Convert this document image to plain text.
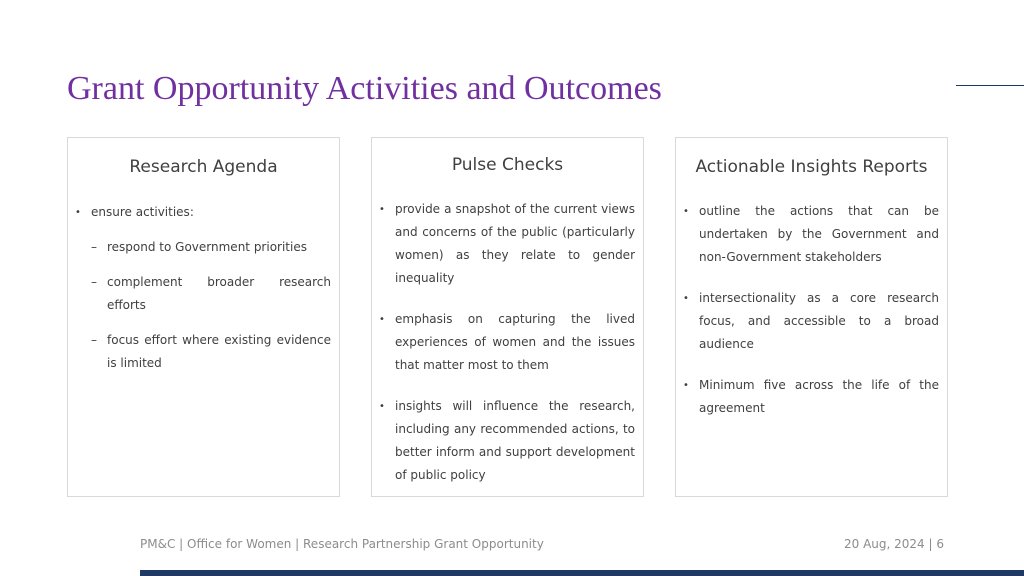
Grant Opportunity Activities and Outcomes
Research Agenda
• ensure activities:
– respond to Government priorities
– complement broader research efforts
– focus effort where existing evidence is limited
Pulse Checks
• provide a snapshot of the current views and concerns of the public (particularly women) as they relate to gender inequality
• emphasis on capturing the lived experiences of women and the issues that matter most to them
• insights will influence the research, including any recommended actions, to better inform and support development of public policy
Actionable Insights Reports
• outline the actions that can be undertaken by the Government and non-Government stakeholders
• intersectionality as a core research focus, and accessible to a broad audience
• Minimum five across the life of the agreement
PM&C | Office for Women | Research Partnership Grant Opportunity	20 Aug, 2024 | 6
